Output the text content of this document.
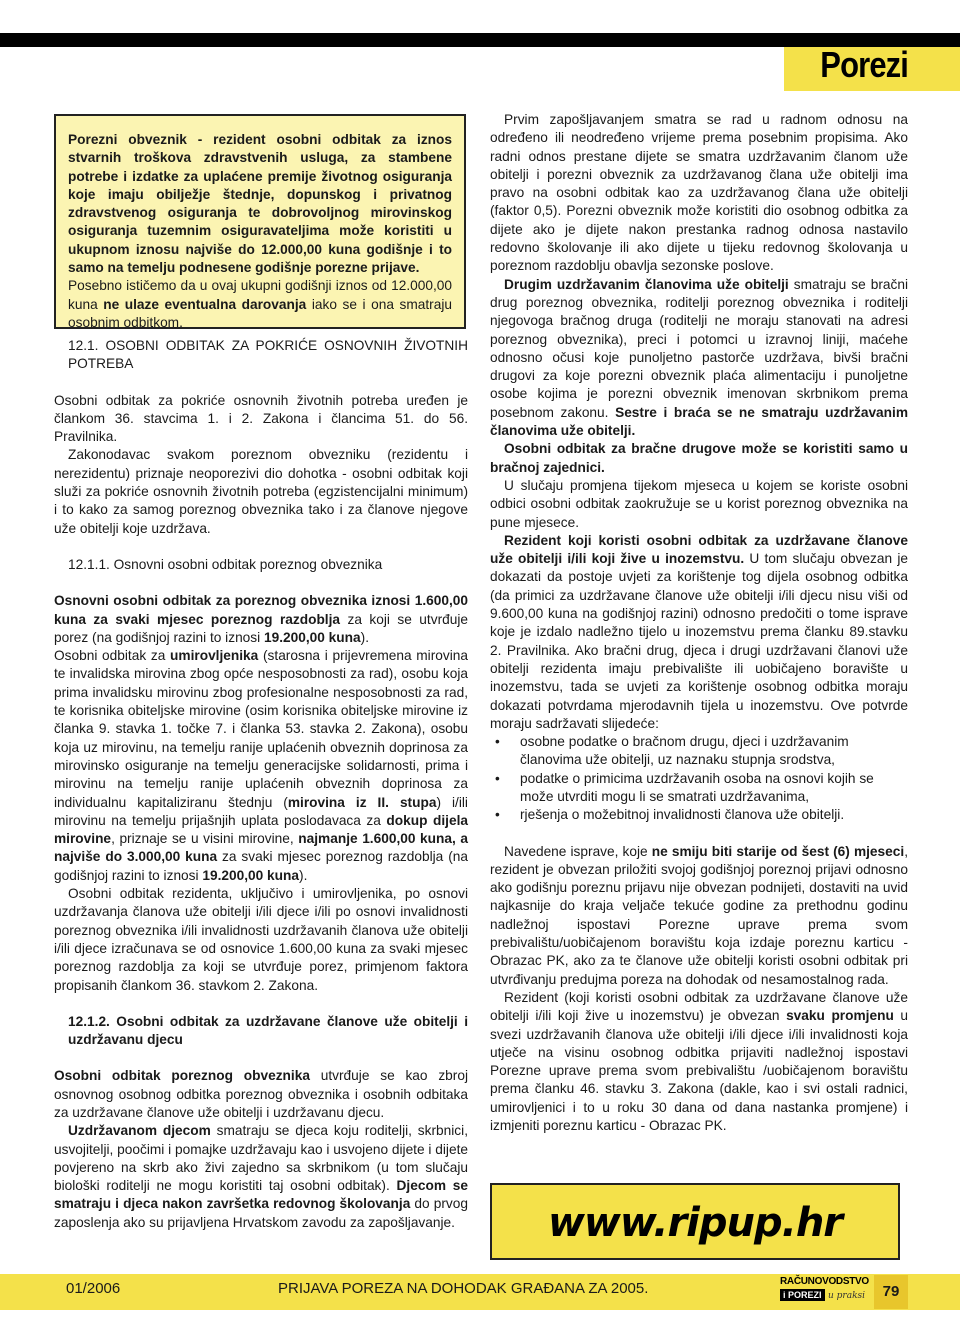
Porezi

Porezni obveznik - rezident osobni odbitak za iznos stvarnih troškova zdravstvenih usluga, za stambene potrebe i izdatke za uplaćene premije životnog osiguranja koje imaju obilježje štednje, dopunskog i privatnog zdravstvenog osiguranja te dobrovoljnog mirovinskog osiguranja tuzemnim osiguravateljima može koristiti u ukupnom iznosu najviše do 12.000,00 kuna godišnje i to samo na temelju podnesene godišnje porezne prijave.

Posebno ističemo da u ovaj ukupni godišnji iznos od 12.000,00 kuna ne ulaze eventualna darovanja iako se i ona smatraju osobnim odbitkom.

12.1. OSOBNI ODBITAK ZA POKRIĆE OSNOVNIH ŽIVOTNIH POTREBA

Osobni odbitak za pokriće osnovnih životnih potreba uređen je člankom 36. stavcima 1. i 2. Zakona i člancima 51. do 56. Pravilnika.

Zakonodavac svakom poreznom obvezniku (rezidentu i nerezidentu) priznaje neoporezivi dio dohotka - osobni odbitak koji služi za pokriće osnovnih životnih potreba (egzistencijalni minimum) i to kako za samog poreznog obveznika tako i za članove njegove uže obitelji koje uzdržava.

12.1.1. Osnovni osobni odbitak poreznog obveznika

Osnovni osobni odbitak za poreznog obveznika iznosi 1.600,00 kuna za svaki mjesec poreznog razdoblja za koji se utvrđuje porez (na godišnjoj razini to iznosi 19.200,00 kuna).

Osobni odbitak za umirovljenika (starosna i prijevremena mirovina te invalidska mirovina zbog opće nesposobnosti za rad), osobu koja prima invalidsku mirovinu zbog profesionalne nesposobnosti za rad, te korisnika obiteljske mirovine (osim korisnika obiteljske mirovine iz članka 9. stavka 1. točke 7. i članka 53. stavka 2. Zakona), osobu koja uz mirovinu, na temelju ranije uplaćenih obveznih doprinosa za mirovinsko osiguranje na temelju generacijske solidarnosti, prima i mirovinu na temelju ranije uplaćenih obveznih doprinosa za individualnu kapitaliziranu štednju (mirovina iz II. stupa) i/ili mirovinu na temelju prijašnjih uplata poslodavaca za dokup dijela mirovine, priznaje se u visini mirovine, najmanje 1.600,00 kuna, a najviše do 3.000,00 kuna za svaki mjesec poreznog razdoblja (na godišnjoj razini to iznosi 19.200,00 kuna).

Osobni odbitak rezidenta, uključivo i umirovljenika, po osnovi uzdržavanja članova uže obitelji i/ili djece i/ili po osnovi invalidnosti poreznog obveznika i/ili invalidnosti uzdržavanih članova uže obitelji i/ili djece izračunava se od osnovice 1.600,00 kuna za svaki mjesec poreznog razdoblja za koji se utvrđuje porez, primjenom faktora propisanih člankom 36. stavkom 2. Zakona.

12.1.2. Osobni odbitak za uzdržavane članove uže obitelji i uzdržavanu djecu

Osobni odbitak poreznog obveznika utvrđuje se kao zbroj osnovnog osobnog odbitka poreznog obveznika i osobnih odbitaka za uzdržavane članove uže obitelji i uzdržavanu djecu.

Uzdržavanom djecom smatraju se djeca koju roditelji, skrbnici, usvojitelji, poočimi i pomajke uzdržavaju kao i usvojeno dijete i dijete povjereno na skrb ako živi zajedno sa skrbnikom (u tom slučaju biološki roditelji ne mogu koristiti taj osobni odbitak). Djecom se smatraju i djeca nakon završetka redovnog školovanja do prvog zaposlenja ako su prijavljena Hrvatskom zavodu za zapošljavanje.

Prvim zapošljavanjem smatra se rad u radnom odnosu na određeno ili neodređeno vrijeme prema posebnim propisima. Ako radni odnos prestane dijete se smatra uzdržavanim članom uže obitelji i porezni obveznik za uzdržavanog člana uže obitelji ima pravo na osobni odbitak kao za uzdržavanog člana uže obitelji (faktor 0,5). Porezni obveznik može koristiti dio osobnog odbitka za dijete ako je dijete nakon prestanka radnog odnosa nastavilo redovno školovanje ili ako dijete u tijeku redovnog školovanja u poreznom razdoblju obavlja sezonske poslove.

Drugim uzdržavanim članovima uže obitelji smatraju se bračni drug poreznog obveznika, roditelji poreznog obveznika i roditelji njegovoga bračnog druga (roditelji ne moraju stanovati na adresi poreznog obveznika), preci i potomci u izravnoj liniji, maćehe odnosno očusi koje punoljetno pastorče uzdržava, bivši bračni drugovi za koje porezni obveznik plaća alimentaciju i punoljetne osobe kojima je porezni obveznik imenovan skrbnikom prema posebnom zakonu. Sestre i braća se ne smatraju uzdržavanim članovima uže obitelji.

Osobni odbitak za bračne drugove može se koristiti samo u bračnoj zajednici.

U slučaju promjena tijekom mjeseca u kojem se koriste osobni odbici osobni odbitak zaokružuje se u korist poreznog obveznika na pune mjesece.

Rezident koji koristi osobni odbitak za uzdržavane članove uže obitelji i/ili koji žive u inozemstvu. U tom slučaju obvezan je dokazati da postoje uvjeti za korištenje tog dijela osobnog odbitka (da primici za uzdržavane članove uže obitelji i/ili djecu nisu viši od 9.600,00 kuna na godišnjoj razini) odnosno predočiti o tome isprave koje je izdalo nadležno tijelo u inozemstvu prema članku 89.stavku 2. Pravilnika. Ako bračni drug, djeca i drugi uzdržavani članovi uže obitelji rezidenta imaju prebivalište ili uobičajeno boravište u inozemstvu, tada se uvjeti za korištenje osobnog odbitka moraju dokazati potvrdama mjerodavnih tijela u inozemstvu. Ove potvrde moraju sadržavati slijedeće:

• osobne podatke o bračnom drugu, djeci i uzdržavanim članovima uže obitelji, uz naznaku stupnja srodstva,
• podatke o primicima uzdržavanih osoba na osnovi kojih se može utvrditi mogu li se smatrati uzdržavanima,
• rješenja o možebitnoj invalidnosti članova uže obitelji.

Navedene isprave, koje ne smiju biti starije od šest (6) mjeseci, rezident je obvezan priložiti svojoj godišnjoj poreznoj prijavi odnosno ako godišnju poreznu prijavu nije obvezan podnijeti, dostaviti na uvid najkasnije do kraja veljače tekuće godine za prethodnu godinu nadležnoj ispostavi Porezne uprave prema svom prebivalištu/uobičajenom boravištu koja izdaje poreznu karticu - Obrazac PK, ako za te članove uže obitelji koristi osobni odbitak pri utvrđivanju predujma poreza na dohodak od nesamostalnog rada.

Rezident (koji koristi osobni odbitak za uzdržavane članove uže obitelji i/ili koji žive u inozemstvu) je obvezan svaku promjenu u svezi uzdržavanih članova uže obitelji i/ili djece i/ili invalidnosti koja utječe na visinu osobnog odbitka prijaviti nadležnoj ispostavi Porezne uprave prema svom prebivalištu /uobičajenom boravištu prema članku 46. stavku 3. Zakona (dakle, kao i svi ostali radnici, umirovljenici i to u roku 30 dana od dana nastanka promjene) i izmjeniti poreznu karticu - Obrazac PK.

www.ripup.hr
01/2006	PRIJAVA POREZA NA DOHODAK GRAĐANA ZA 2005.	RAČUNOVODSTVO
i POREZI u praksi	79
